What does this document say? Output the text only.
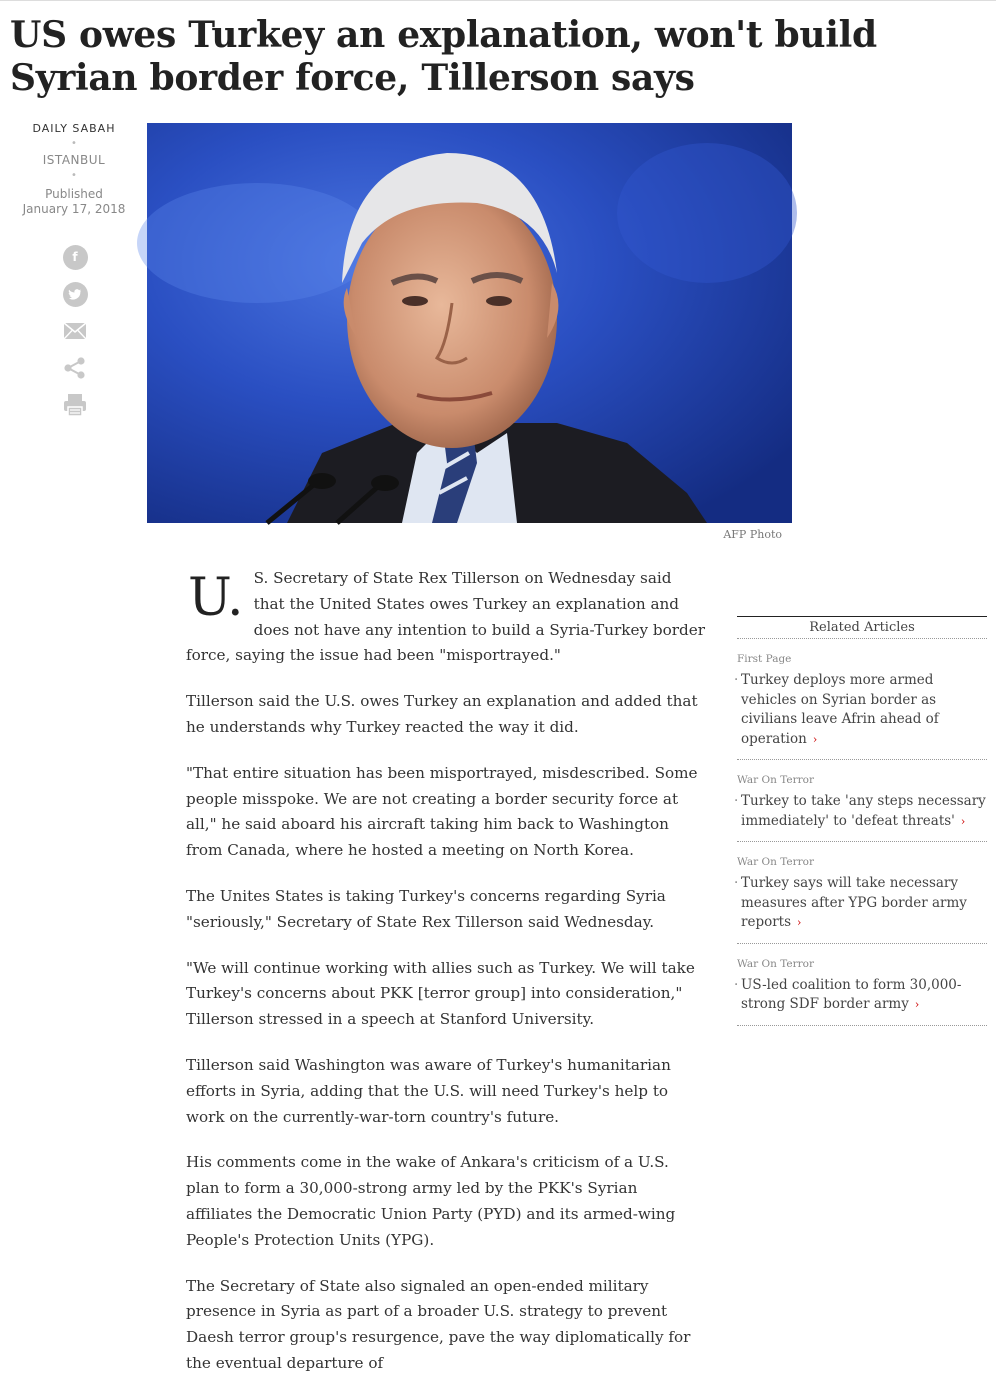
US owes Turkey an explanation, won't build Syrian border force, Tillerson says
DAILY SABAH
•
ISTANBUL
•
Published
January 17, 2018
f
AFP Photo

U. S. Secretary of State Rex Tillerson on Wednesday said that the United States owes Turkey an explanation and does not have any intention to build a Syria-Turkey border force, saying the issue had been "misportrayed."

Tillerson said the U.S. owes Turkey an explanation and added that he understands why Turkey reacted the way it did.

"That entire situation has been misportrayed, misdescribed. Some people misspoke. We are not creating a border security force at all," he said aboard his aircraft taking him back to Washington from Canada, where he hosted a meeting on North Korea.

The Unites States is taking Turkey's concerns regarding Syria "seriously," Secretary of State Rex Tillerson said Wednesday.

"We will continue working with allies such as Turkey. We will take Turkey's concerns about PKK [terror group] into consideration," Tillerson stressed in a speech at Stanford University.

Tillerson said Washington was aware of Turkey's humanitarian efforts in Syria, adding that the U.S. will need Turkey's help to work on the currently-war-torn country's future.

His comments come in the wake of Ankara's criticism of a U.S. plan to form a 30,000-strong army led by the PKK's Syrian affiliates the Democratic Union Party (PYD) and its armed-wing People's Protection Units (YPG).

The Secretary of State also signaled an open-ended military presence in Syria as part of a broader U.S. strategy to prevent Daesh terror group's resurgence, pave the way diplomatically for the eventual departure of

Related Articles
First Page
· Turkey deploys more armed vehicles on Syrian border as civilians leave Afrin ahead of operation ›
War On Terror
· Turkey to take 'any steps necessary immediately' to 'defeat threats' ›
War On Terror
· Turkey says will take necessary measures after YPG border army reports ›
War On Terror
· US-led coalition to form 30,000-strong SDF border army ›
